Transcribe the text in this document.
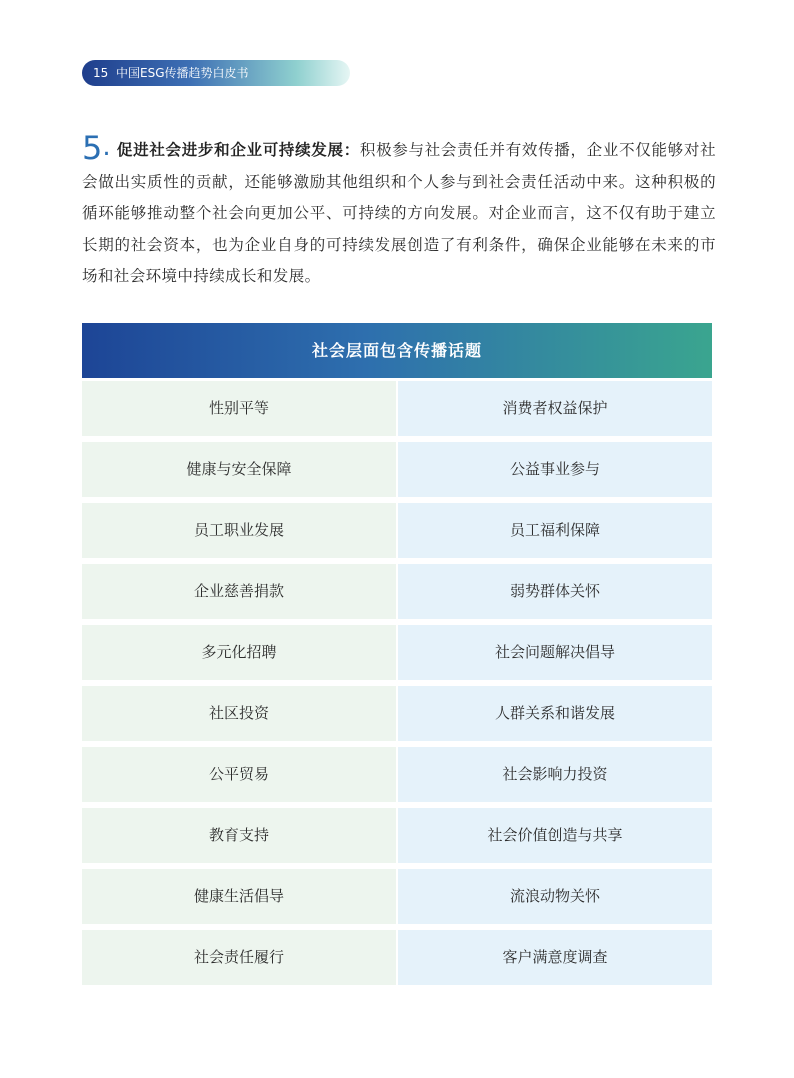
15 中国ESG传播趋势白皮书

5. 促进社会进步和企业可持续发展：积极参与社会责任并有效传播，企业不仅能够对社会做出实质性的贡献，还能够激励其他组织和个人参与到社会责任活动中来。这种积极的循环能够推动整个社会向更加公平、可持续的方向发展。对企业而言，这不仅有助于建立长期的社会资本，也为企业自身的可持续发展创造了有利条件，确保企业能够在未来的市场和社会环境中持续成长和发展。

社会层面包含传播话题
性别平等	消费者权益保护
健康与安全保障	公益事业参与
员工职业发展	员工福利保障
企业慈善捐款	弱势群体关怀
多元化招聘	社会问题解决倡导
社区投资	人群关系和谐发展
公平贸易	社会影响力投资
教育支持	社会价值创造与共享
健康生活倡导	流浪动物关怀
社会责任履行	客户满意度调查
